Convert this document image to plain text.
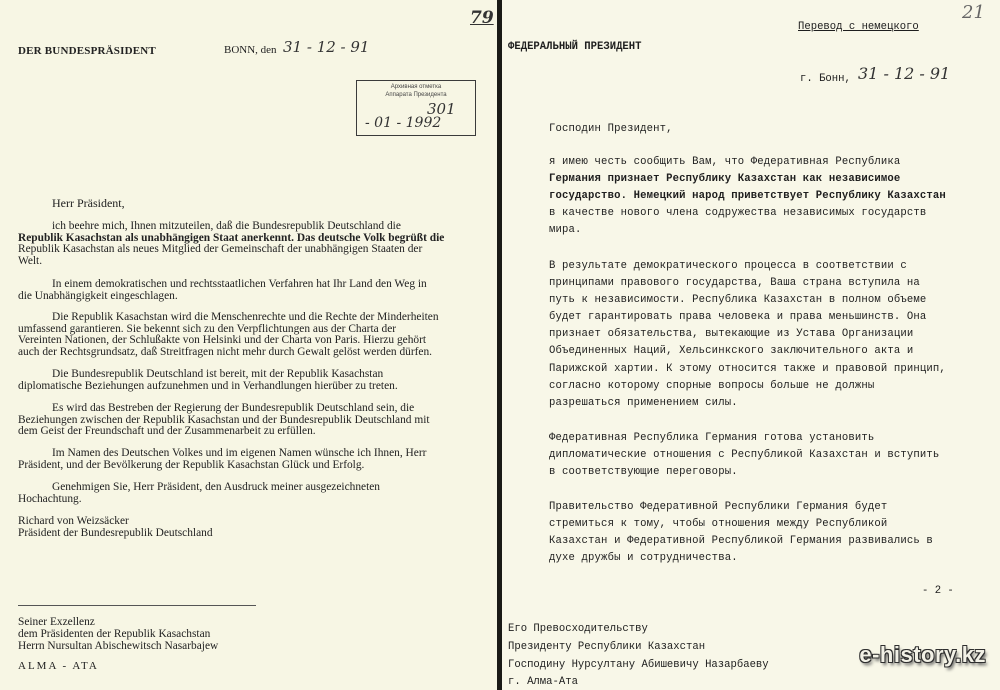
79
DER BUNDESPRÄSIDENT	BONN, den 31 - 12 - 91
Архивная отметка
Аппарата Президента
301
- 01 - 1992
Herr Präsident,
ich beehre mich, Ihnen mitzuteilen, daß die Bundesrepublik Deutschland die
Republik Kasachstan als unabhängigen Staat anerkennt. Das deutsche Volk begrüßt die
Republik Kasachstan als neues Mitglied der Gemeinschaft der unabhängigen Staaten der
Welt.
In einem demokratischen und rechtsstaatlichen Verfahren hat Ihr Land den Weg in
die Unabhängigkeit eingeschlagen.
Die Republik Kasachstan wird die Menschenrechte und die Rechte der Minderheiten
umfassend garantieren. Sie bekennt sich zu den Verpflichtungen aus der Charta der
Vereinten Nationen, der Schlußakte von Helsinki und der Charta von Paris. Hierzu gehört
auch der Rechtsgrundsatz, daß Streitfragen nicht mehr durch Gewalt gelöst werden dürfen.
Die Bundesrepublik Deutschland ist bereit, mit der Republik Kasachstan
diplomatische Beziehungen aufzunehmen und in Verhandlungen hierüber zu treten.
Es wird das Bestreben der Regierung der Bundesrepublik Deutschland sein, die
Beziehungen zwischen der Republik Kasachstan und der Bundesrepublik Deutschland mit
dem Geist der Freundschaft und der Zusammenarbeit zu erfüllen.
Im Namen des Deutschen Volkes und im eigenen Namen wünsche ich Ihnen, Herr
Präsident, und der Bevölkerung der Republik Kasachstan Glück und Erfolg.
Genehmigen Sie, Herr Präsident, den Ausdruck meiner ausgezeichneten
Hochachtung.
Richard von Weizsäcker
Präsident der Bundesrepublik Deutschland
Seiner Exzellenz
dem Präsidenten der Republik Kasachstan
Herrn Nursultan Abischewitsch Nasarbajew
ALMA - ATA
21
Перевод с немецкого
ФЕДЕРАЛЬНЫЙ ПРЕЗИДЕНТ
г. Бонн, 31 - 12 - 91
Господин Президент,
я имею честь сообщить Вам, что Федеративная Республика
Германия признает Республику Казахстан как независимое
государство. Немецкий народ приветствует Республику Казахстан
в качестве нового члена содружества независимых государств
мира.
В результате демократического процесса в соответствии с
принципами правового государства, Ваша страна вступила на
путь к независимости. Республика Казахстан в полном объеме
будет гарантировать права человека и права меньшинств. Она
признает обязательства, вытекающие из Устава Организации
Объединенных Наций, Хельсинкского заключительного акта и
Парижской хартии. К этому относится также и правовой принцип,
согласно которому спорные вопросы больше не должны
разрешаться применением силы.
Федеративная Республика Германия готова установить
дипломатические отношения с Республикой Казахстан и вступить
в соответствующие переговоры.
Правительство Федеративной Республики Германия будет
стремиться к тому, чтобы отношения между Республикой
Казахстан и Федеративной Республикой Германия развивались в
духе дружбы и сотрудничества.
- 2 -
Его Превосходительству
Президенту Республики Казахстан
Господину Нурсултану Абишевичу Назарбаеву
г. Алма-Ата
e-history.kz
